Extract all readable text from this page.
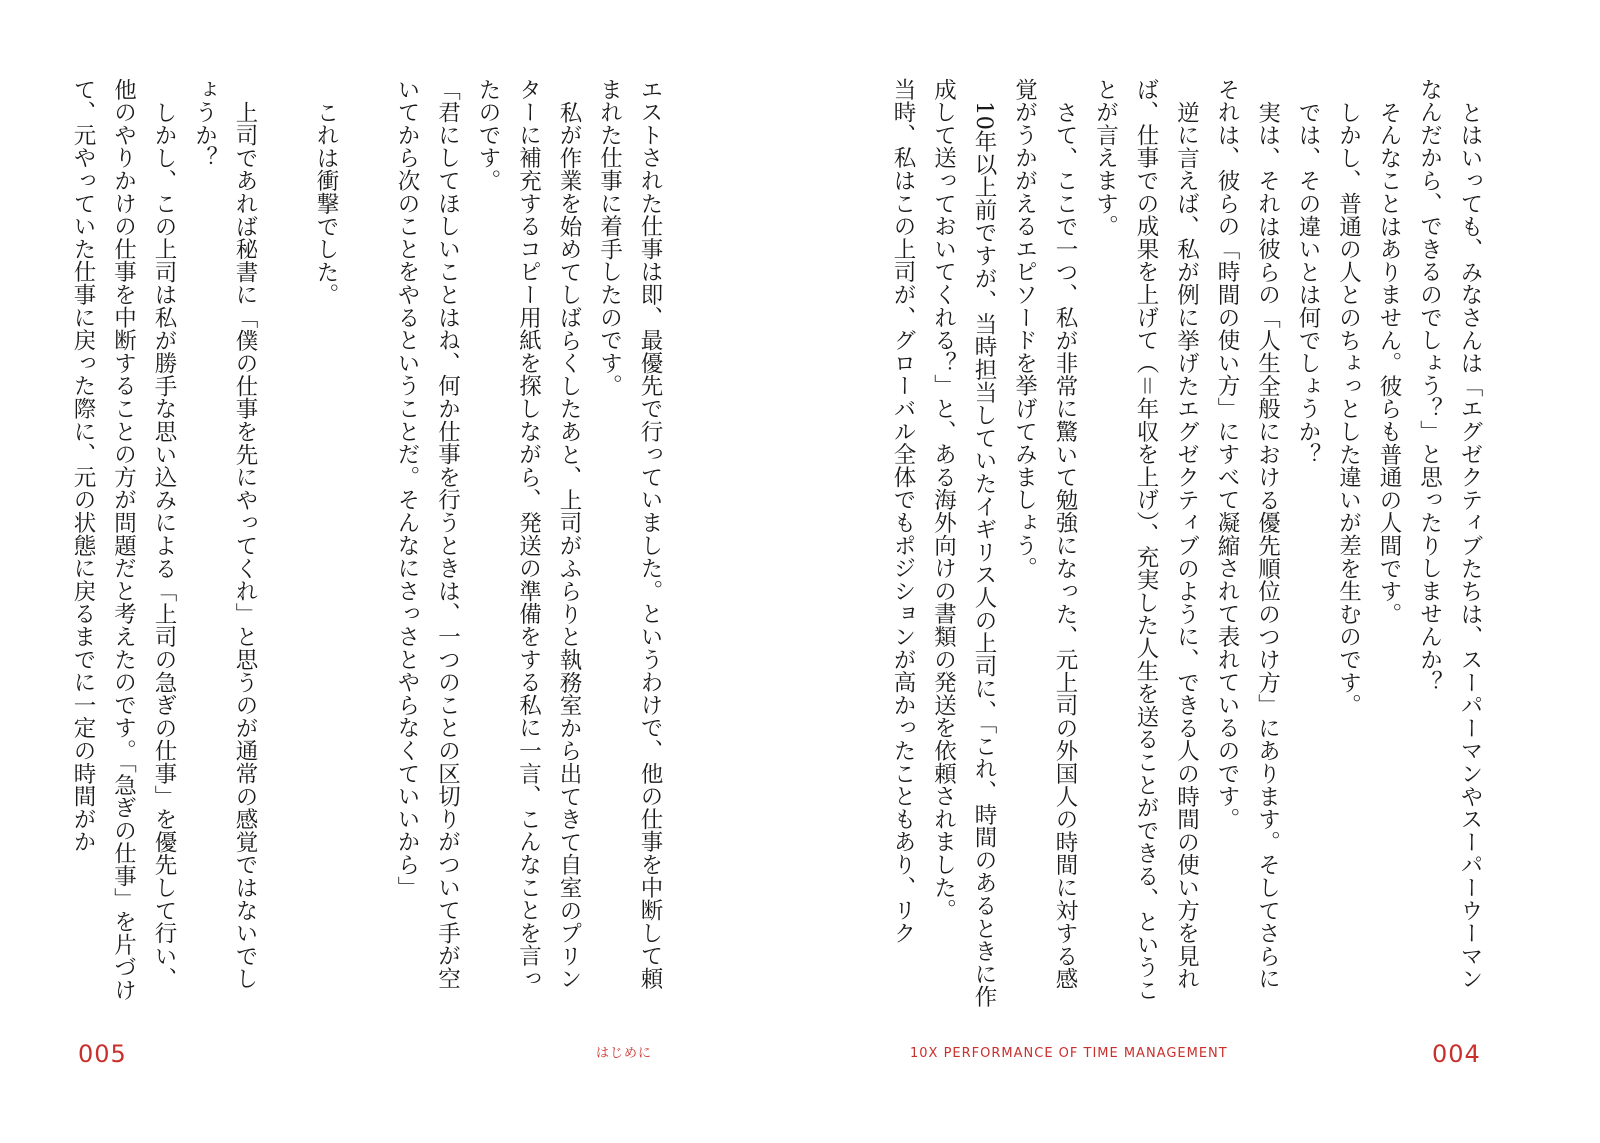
とはいっても、みなさんは「エグゼクティブたちは、スーパーマンやスーパーウーマンなんだから、できるのでしょう？」と思ったりしませんか？

そんなことはありません。彼らも普通の人間です。

しかし、普通の人とのちょっとした違いが差を生むのです。

では、その違いとは何でしょうか？

実は、それは彼らの「人生全般における優先順位のつけ方」にあります。そしてさらにそれは、彼らの「時間の使い方」にすべて凝縮されて表れているのです。

逆に言えば、私が例に挙げたエグゼクティブのように、できる人の時間の使い方を見れば、仕事での成果を上げて（＝年収を上げ）、充実した人生を送ることができる、ということが言えます。

さて、ここで一つ、私が非常に驚いて勉強になった、元上司の外国人の時間に対する感覚がうかがえるエピソードを挙げてみましょう。

10年以上前ですが、当時担当していたイギリス人の上司に、「これ、時間のあるときに作成して送っておいてくれる？」と、ある海外向けの書類の発送を依頼されました。

当時、私はこの上司が、グローバル全体でもポジションが高かったこともあり、リク

10X PERFORMANCE OF TIME MANAGEMENT	004

エストされた仕事は即、最優先で行っていました。というわけで、他の仕事を中断して頼まれた仕事に着手したのです。

私が作業を始めてしばらくしたあと、上司がふらりと執務室から出てきて自室のプリンターに補充するコピー用紙を探しながら、発送の準備をする私に一言、こんなことを言ったのです。

「君にしてほしいことはね、何か仕事を行うときは、一つのことの区切りがついて手が空いてから次のことをやるということだ。そんなにさっさとやらなくていいから」

これは衝撃でした。

上司であれば秘書に「僕の仕事を先にやってくれ」と思うのが通常の感覚ではないでしょうか？

しかし、この上司は私が勝手な思い込みによる「上司の急ぎの仕事」を優先して行い、他のやりかけの仕事を中断することの方が問題だと考えたのです。「急ぎの仕事」を片づけて、元やっていた仕事に戻った際に、元の状態に戻るまでに一定の時間がか

はじめに
005
